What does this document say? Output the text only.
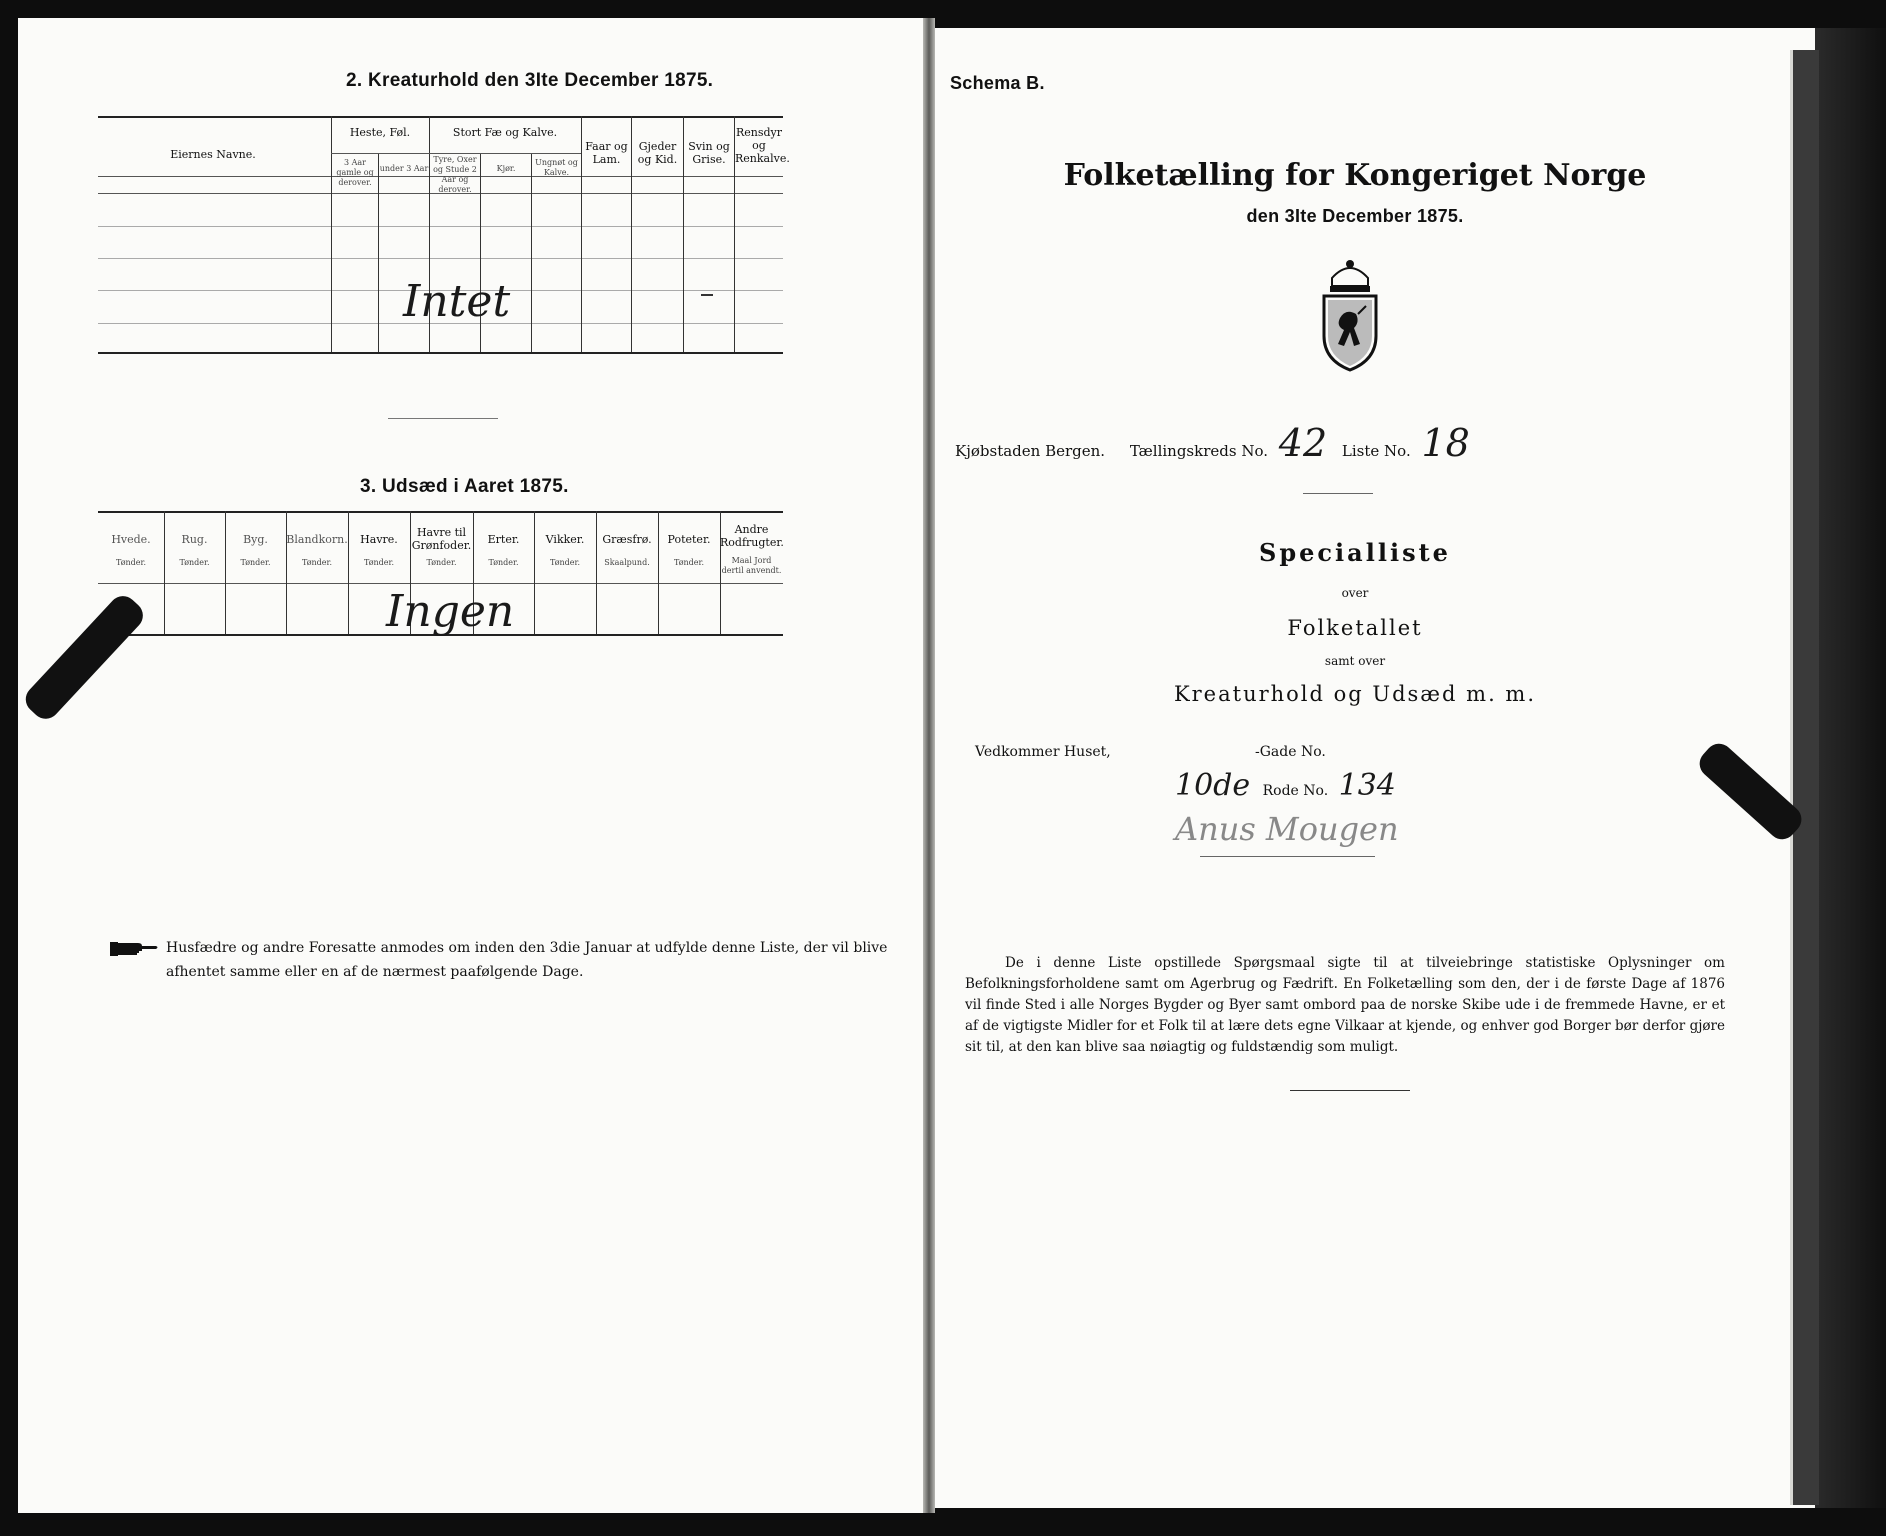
2. Kreaturhold den 3Ite December 1875.
Eiernes Navne.
Heste, Føl.
3 Aar gamle og derover.
under 3 Aar
Stort Fæ og Kalve.
Tyre, Oxer og Stude 2 Aar og derover.
Kjør.
Ungnøt og Kalve.
Faar og Lam.
Gjeder og Kid.
Svin og Grise.
Rensdyr og Renkalve.
Intet
3. Udsæd i Aaret 1875.
Hvede.
Tønder.
Rug.
Tønder.
Byg.
Tønder.
Blandkorn.
Tønder.
Havre.
Tønder.
Havre til Grønfoder.
Tønder.
Erter.
Tønder.
Vikker.
Tønder.
Græsfrø.
Skaalpund.
Poteter.
Tønder.
Andre Rodfrugter.
Maal Jord dertil anvendt.
Ingen
Husfædre og andre Foresatte anmodes om inden den 3die Januar at udfylde denne Liste, der vil blive
afhentet samme eller en af de nærmest paafølgende Dage.
Schema B.
Folketælling for Kongeriget Norge
den 3Ite December 1875.
Kjøbstaden Bergen. Tællingskreds No. 42 Liste No. 18
Specialliste
over
Folketallet
samt over
Kreaturhold og Udsæd m. m.
Vedkommer Huset,	-Gade No.
10de Rode No. 134
Anus Mougen
De i denne Liste opstillede Spørgsmaal sigte til at tilveiebringe statistiske Oplysninger om Befolkningsforholdene samt om Agerbrug og Fædrift. En Folketælling som den, der i de første Dage af 1876 vil finde Sted i alle Norges Bygder og Byer samt ombord paa de norske Skibe ude i de fremmede Havne, er et af de vigtigste Midler for et Folk til at lære dets egne Vilkaar at kjende, og enhver god Borger bør derfor gjøre sit til, at den kan blive saa nøiagtig og fuldstændig som muligt.
